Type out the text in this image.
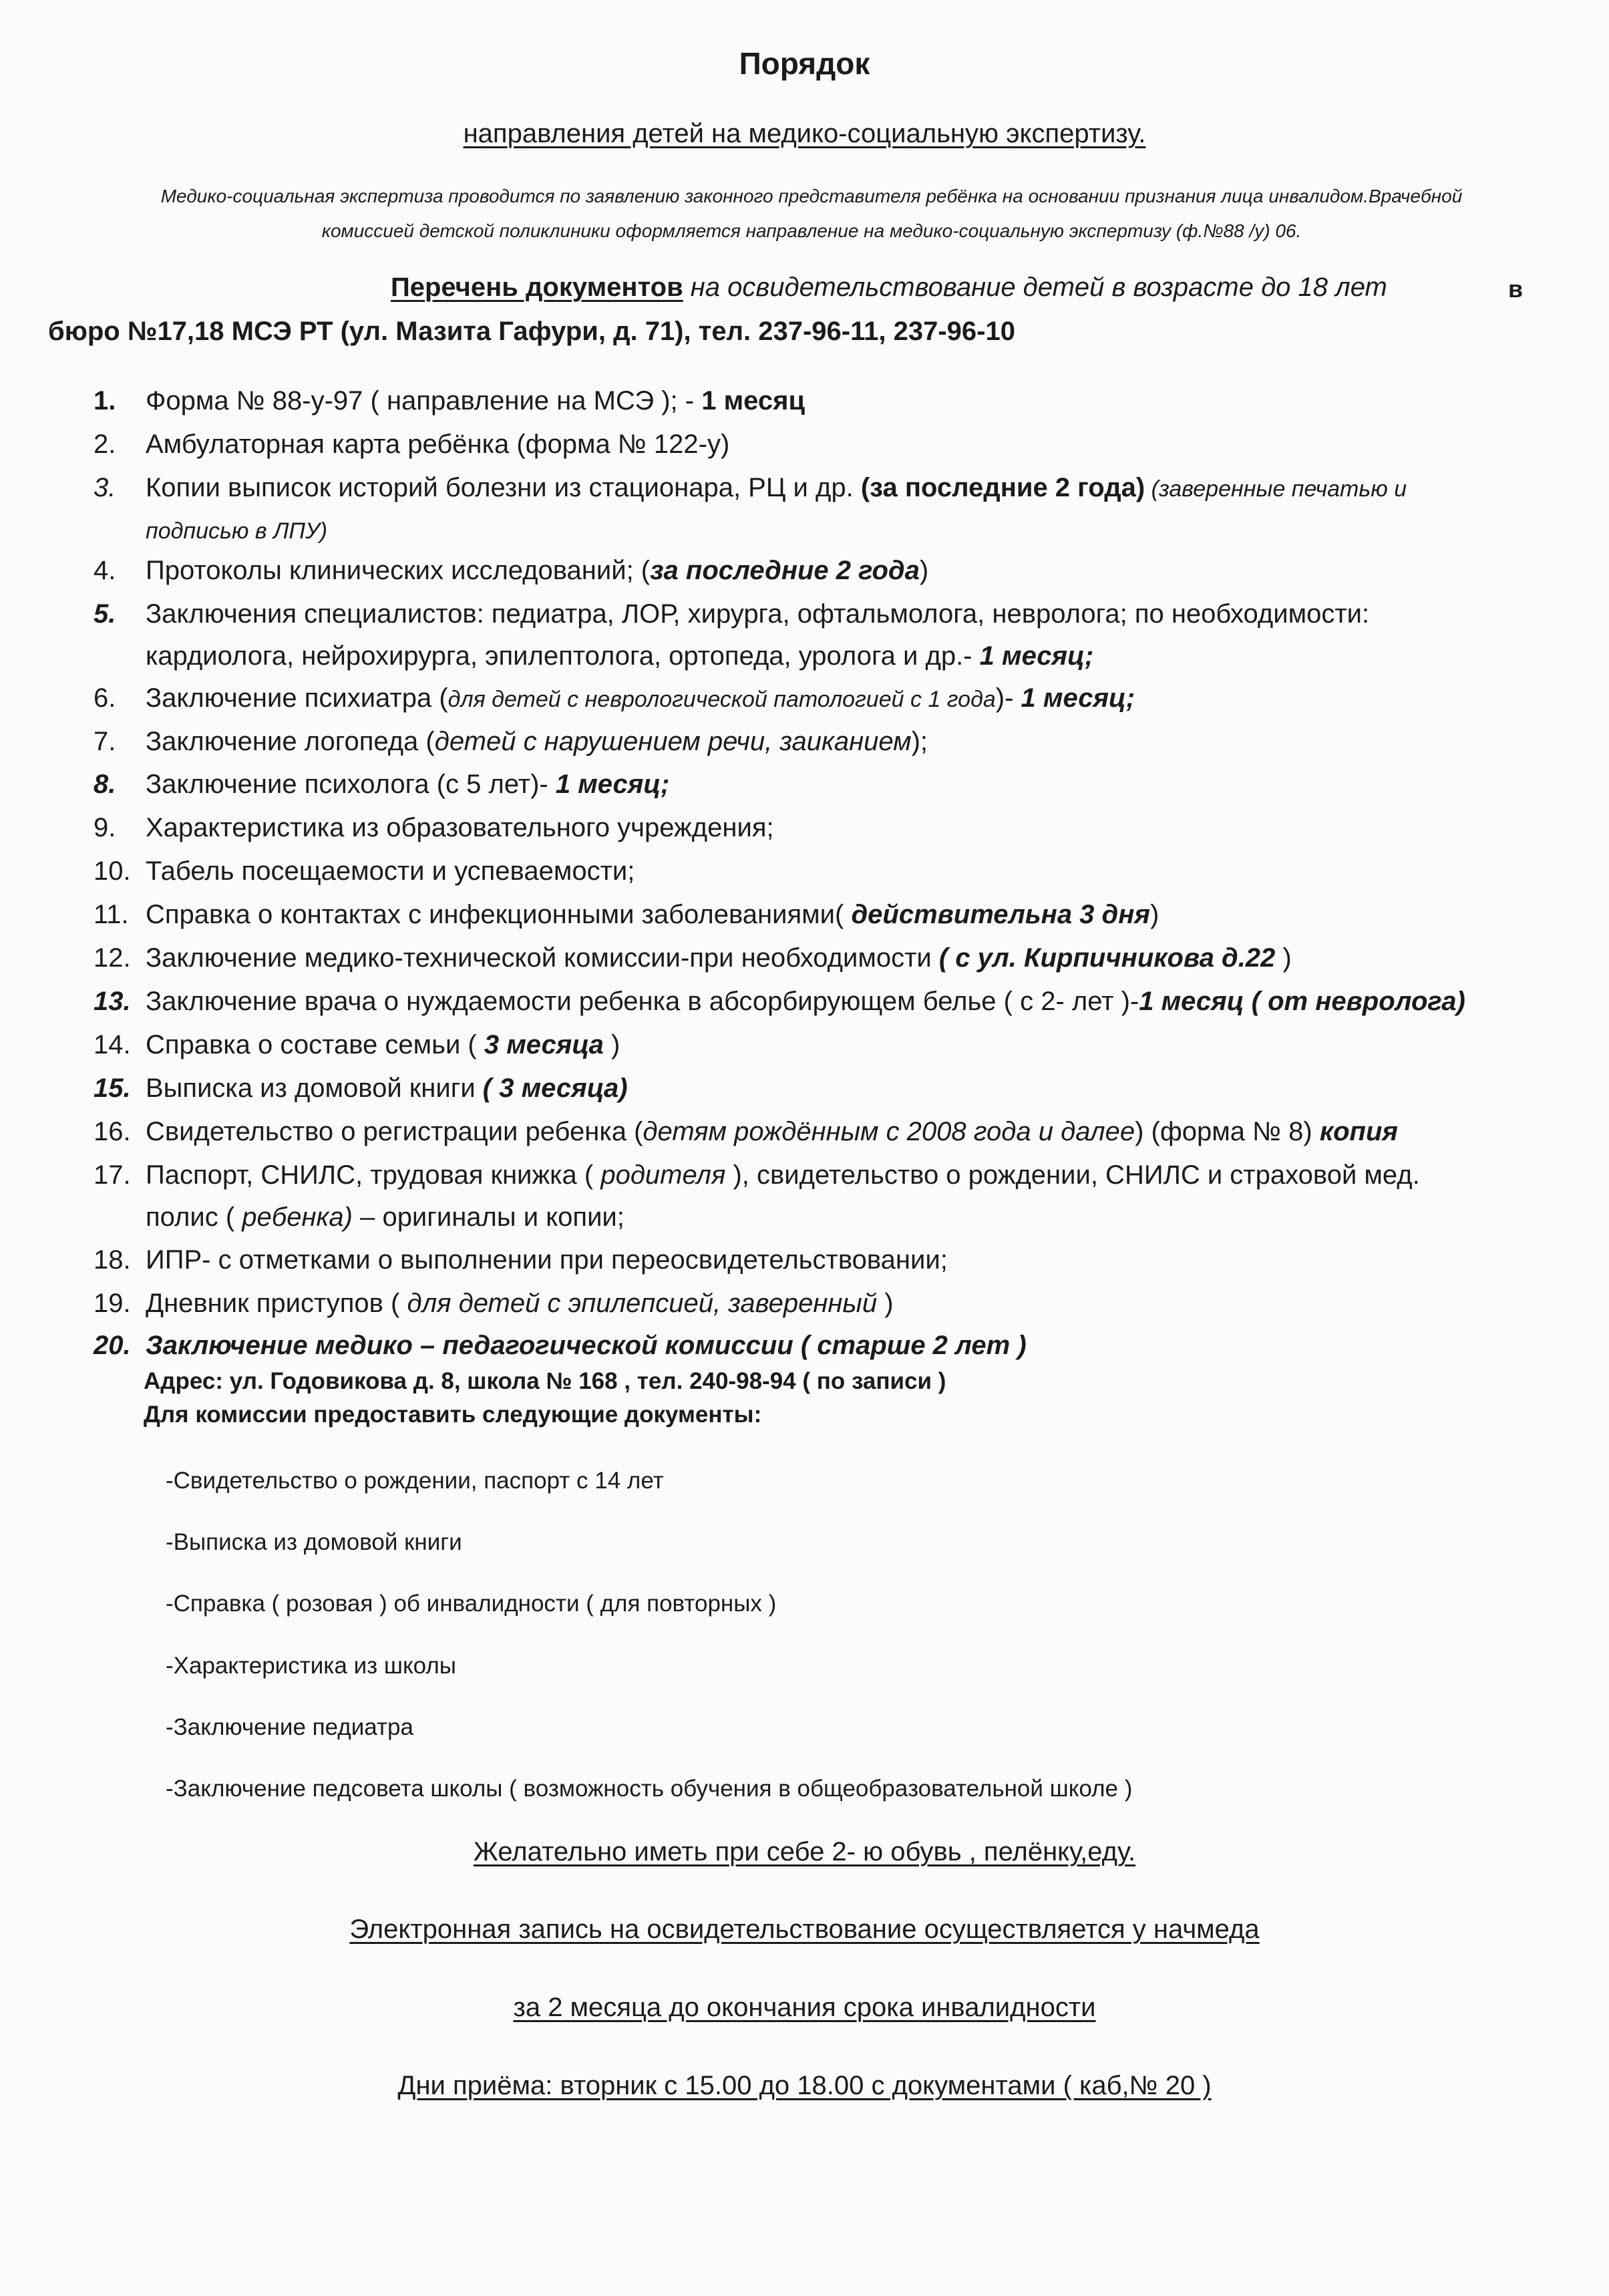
Порядок
направления детей на медико-социальную экспертизу.
Медико-социальная экспертиза проводится по заявлению законного представителя ребёнка на основании признания лица инвалидом.Врачебной
комиссией детской поликлиники оформляется направление на медико-социальную экспертизу (ф.№88 /у) 06.
Перечень документов на освидетельствование детей в возрасте до 18 лет	в
бюро №17,18 МСЭ РТ (ул. Мазита Гафури, д. 71), тел. 237-96-11, 237-96-10
1. Форма № 88-у-97 ( направление на МСЭ ); - 1 месяц
2. Амбулаторная карта ребёнка (форма № 122-у)
3. Копии выписок историй болезни из стационара, РЦ и др. (за последние 2 года) (заверенные печатью и
подписью в ЛПУ)
4. Протоколы клинических исследований; (за последние 2 года)
5. Заключения специалистов: педиатра, ЛОР, хирурга, офтальмолога, невролога; по необходимости:
кардиолога, нейрохирурга, эпилептолога, ортопеда, уролога и др.- 1 месяц;
6. Заключение психиатра (для детей с неврологической патологией с 1 года)- 1 месяц;
7. Заключение логопеда (детей с нарушением речи, заиканием);
8. Заключение психолога (с 5 лет)- 1 месяц;
9. Характеристика из образовательного учреждения;
10. Табель посещаемости и успеваемости;
11. Справка о контактах с инфекционными заболеваниями( действительна 3 дня)
12. Заключение медико-технической комиссии-при необходимости ( с ул. Кирпичникова д.22 )
13. Заключение врача о нуждаемости ребенка в абсорбирующем белье ( с 2- лет )-1 месяц ( от невролога)
14. Справка о составе семьи ( 3 месяца )
15. Выписка из домовой книги ( 3 месяца)
16. Свидетельство о регистрации ребенка (детям рождённым с 2008 года и далее) (форма № 8) копия
17. Паспорт, СНИЛС, трудовая книжка ( родителя ), свидетельство о рождении, СНИЛС и страховой мед.
полис ( ребенка) – оригиналы и копии;
18. ИПР- с отметками о выполнении при переосвидетельствовании;
19. Дневник приступов ( для детей с эпилепсией, заверенный )
20. Заключение медико – педагогической комиссии ( старше 2 лет )
Адрес: ул. Годовикова д. 8, школа № 168 , тел. 240-98-94 ( по записи )
Для комиссии предоставить следующие документы:
-Свидетельство о рождении, паспорт с 14 лет
-Выписка из домовой книги
-Справка ( розовая ) об инвалидности ( для повторных )
-Характеристика из школы
-Заключение педиатра
-Заключение педсовета школы ( возможность обучения в общеобразовательной школе )
Желательно иметь при себе 2- ю обувь , пелёнку,еду.
Электронная запись на освидетельствование осуществляется у начмеда
за 2 месяца до окончания срока инвалидности
Дни приёма: вторник с 15.00 до 18.00 с документами ( каб,№ 20 )
